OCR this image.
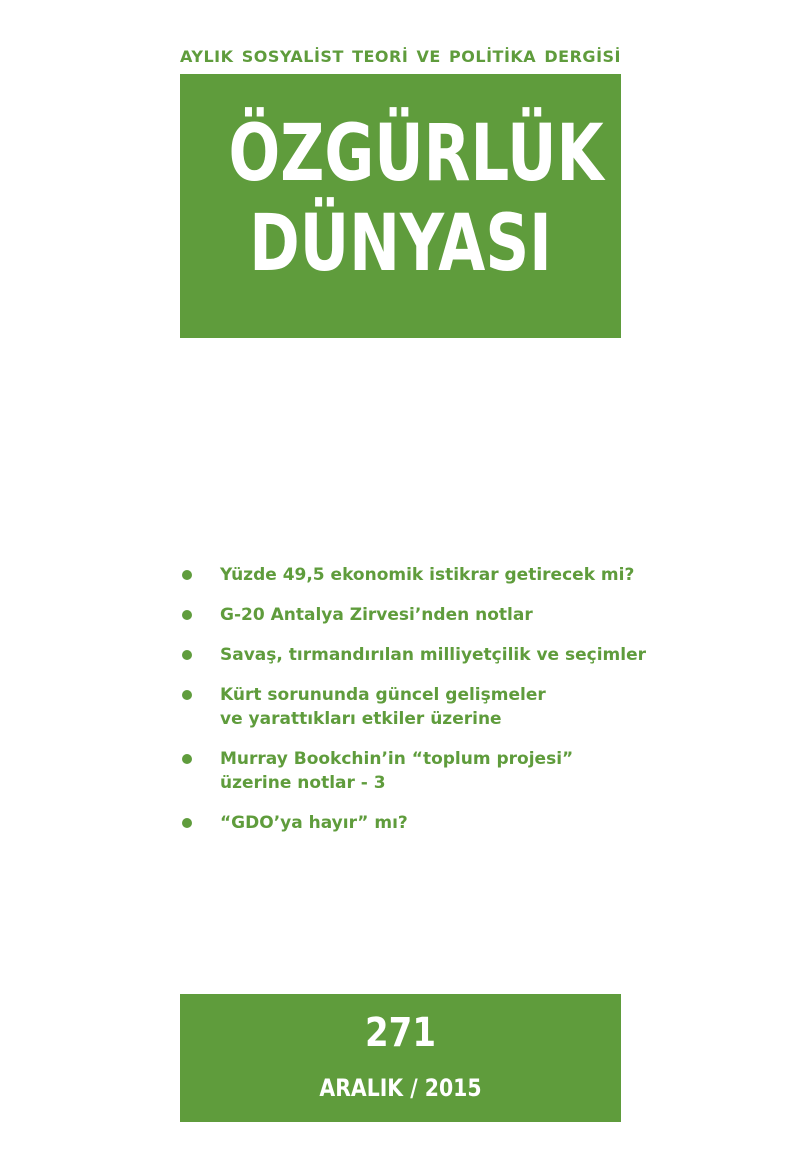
AYLIK SOSYALİST TEORİ VE POLİTİKA DERGİSİ
ÖZGÜRLÜK
DÜNYASI
Yüzde 49,5 ekonomik istikrar getirecek mi?
G-20 Antalya Zirvesi’nden notlar
Savaş, tırmandırılan milliyetçilik ve seçimler
Kürt sorununda güncel gelişmeler
ve yarattıkları etkiler üzerine
Murray Bookchin’in “toplum projesi”
üzerine notlar - 3
“GDO’ya hayır” mı?
271
ARALIK / 2015
